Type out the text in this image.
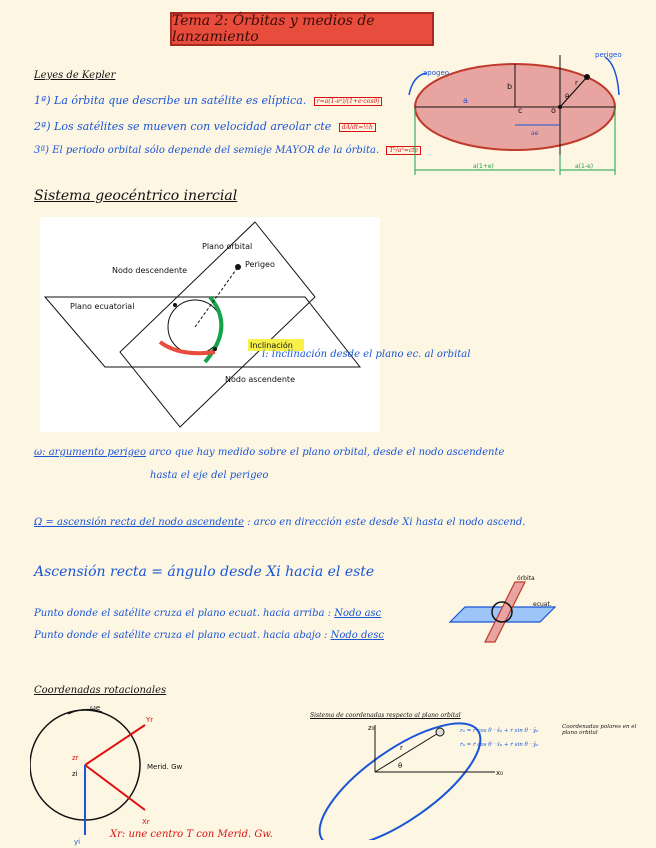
Tema 2: Órbitas y medios de lanzamiento
Leyes de Kepler
1ª) La órbita que describe un satélite es elíptica. r=a(1-e²)/(1+e·cosθ)
2ª) Los satélites se mueven con velocidad areolar cte dA/dt=½h
3ª) El periodo orbital sólo depende del semieje MAYOR de la órbita. T²/a³=cte
apogeo
perigeo
a
b
c	o
ae
θ
r
a(1+e)	a(1-e)
Sistema geocéntrico inercial
Plano orbital
Perigeo
Nodo descendente
Plano ecuatorial
Inclinación
Nodo ascendente
i: inclinación desde el plano ec. al orbital
ω: argumento perigeo arco que hay medido sobre el plano orbital, desde el nodo ascendente
hasta el eje del perigeo
Ω = ascensión recta del nodo ascendente : arco en dirección este desde Xi hasta el nodo ascend.
Ascensión recta = ángulo desde Xi hacia el este
Punto donde el satélite cruza el plano ecuat. hacia arriba : Nodo asc
Punto donde el satélite cruza el plano ecuat. hacia abajo : Nodo desc
órbita
ecuat.
Coordenadas rotacionales
ωe
Yr
Xr
zr
zi
yi
Merid. Gw
Xr: une centro T con Merid. Gw.
Sistema de coordenadas respecto al plano orbital
z₀
x₀
r
θ
r₀ = r cos θ · x̂₀ + r sin θ · ŷ₀
ṙ₀ = ṙ cos θ · x̂₀ + ṙ sin θ · ŷ₀
Coordenadas polares en el plano orbital
